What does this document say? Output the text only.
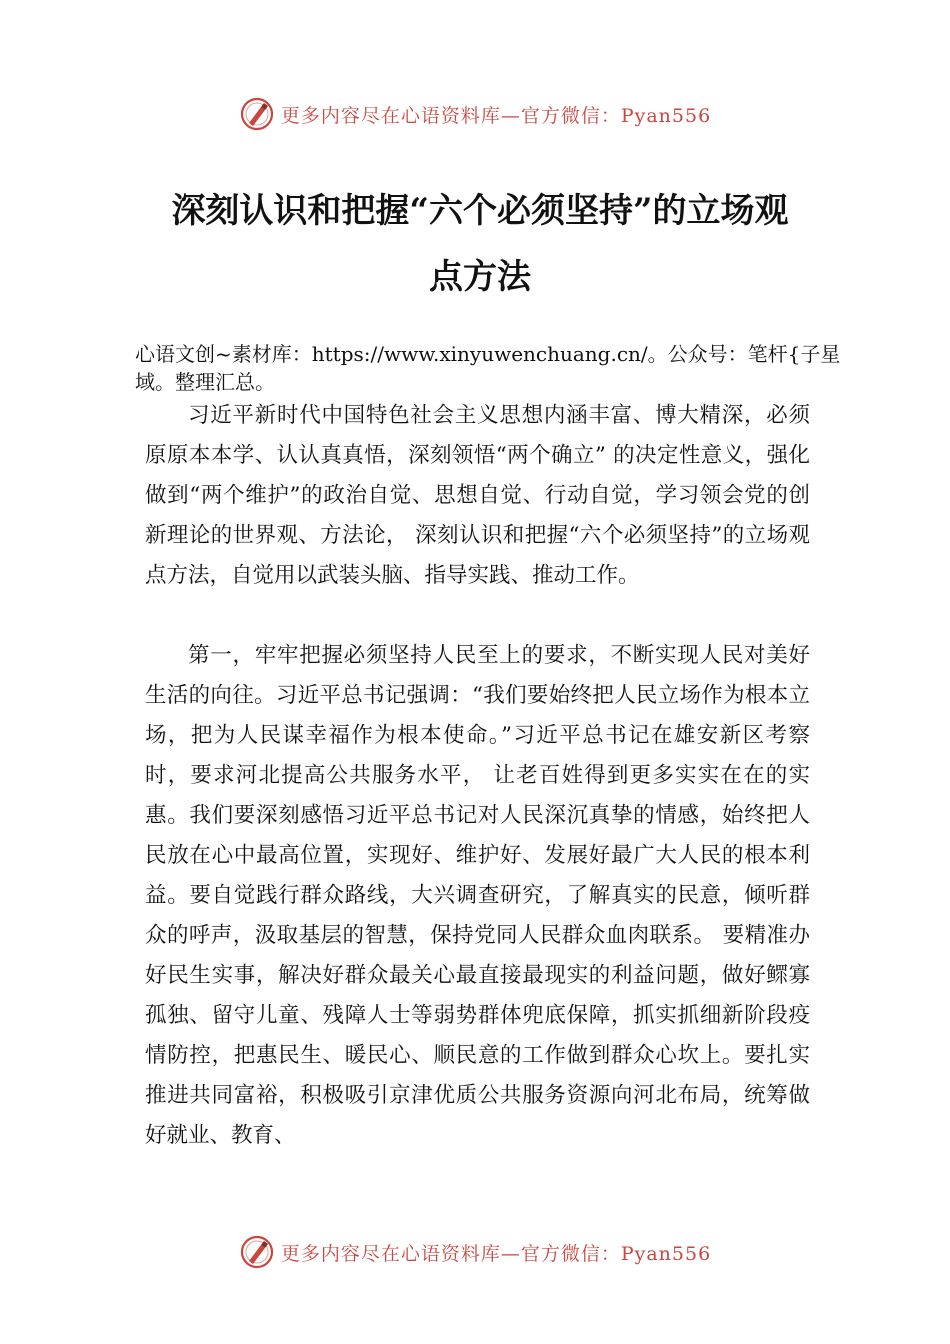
更多内容尽在心语资料库—官方微信：Pyan556
深刻认识和把握“六个必须坚持”的立场观
点方法
心语文创~素材库：https://www.xinyuwenchuang.cn/。公众号：笔杆{子星域。整理汇总。

习近平新时代中国特色社会主义思想内涵丰富、博大精深，必须原原本本学、认认真真悟，深刻领悟“两个确立” 的决定性意义，强化做到“两个维护”的政治自觉、思想自觉、行动自觉，学习领会党的创新理论的世界观、方法论， 深刻认识和把握“六个必须坚持”的立场观点方法，自觉用以武装头脑、指导实践、推动工作。

第一，牢牢把握必须坚持人民至上的要求，不断实现人民对美好生活的向往。习近平总书记强调：“我们要始终把人民立场作为根本立场，把为人民谋幸福作为根本使命。”习近平总书记在雄安新区考察时，要求河北提高公共服务水平， 让老百姓得到更多实实在在的实惠。我们要深刻感悟习近平总书记对人民深沉真挚的情感，始终把人民放在心中最高位置，实现好、维护好、发展好最广大人民的根本利益。要自觉践行群众路线，大兴调查研究，了解真实的民意，倾听群众的呼声，汲取基层的智慧，保持党同人民群众血肉联系。 要精准办好民生实事，解决好群众最关心最直接最现实的利益问题，做好鳏寡孤独、留守儿童、残障人士等弱势群体兜底保障，抓实抓细新阶段疫情防控，把惠民生、暖民心、顺民意的工作做到群众心坎上。要扎实推进共同富裕，积极吸引京津优质公共服务资源向河北布局，统筹做好就业、教育、

更多内容尽在心语资料库—官方微信：Pyan556
